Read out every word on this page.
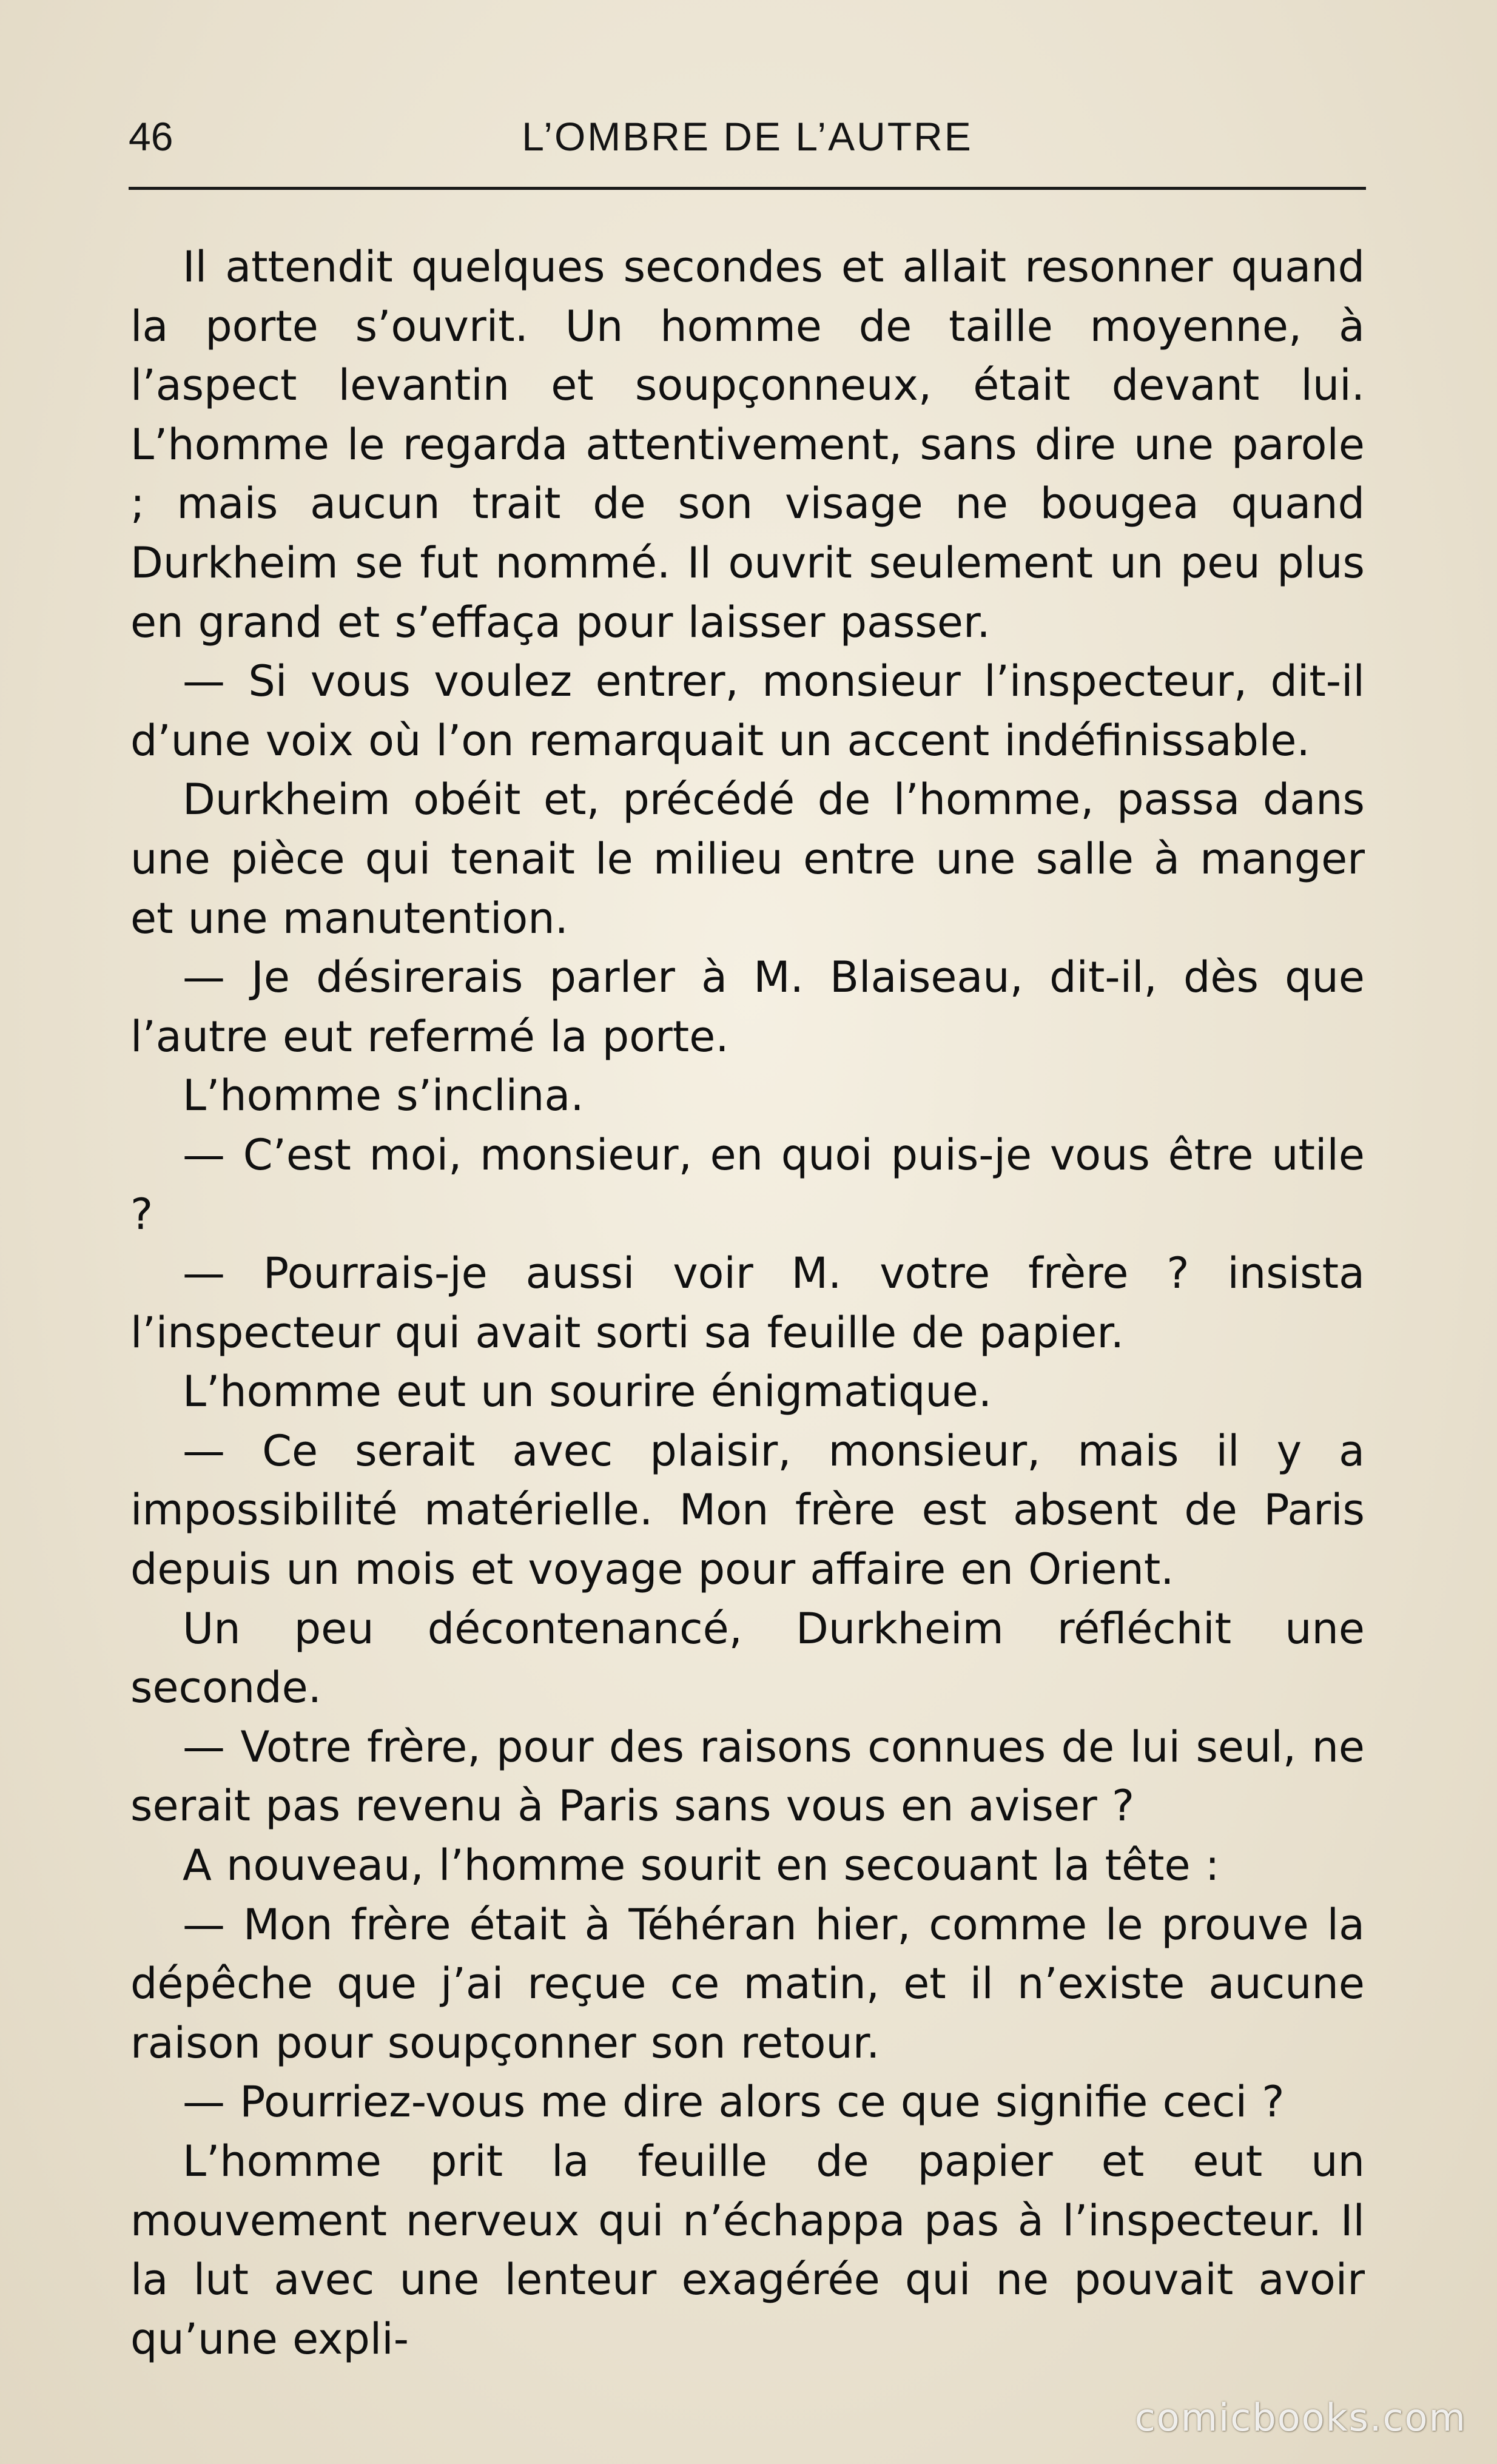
46	L’OMBRE DE L’AUTRE

Il attendit quelques secondes et allait resonner quand la porte s’ouvrit. Un homme de taille moyenne, à l’aspect levantin et soupçonneux, était devant lui. L’homme le regarda attentivement, sans dire une parole ; mais aucun trait de son visage ne bougea quand Durkheim se fut nommé. Il ouvrit seulement un peu plus en grand et s’effaça pour laisser passer.

— Si vous voulez entrer, monsieur l’inspecteur, dit-il d’une voix où l’on remarquait un accent indéfinissable.

Durkheim obéit et, précédé de l’homme, passa dans une pièce qui tenait le milieu entre une salle à manger et une manutention.

— Je désirerais parler à M. Blaiseau, dit-il, dès que l’autre eut refermé la porte.

L’homme s’inclina.

— C’est moi, monsieur, en quoi puis-je vous être utile ?

— Pourrais-je aussi voir M. votre frère ? insista l’inspecteur qui avait sorti sa feuille de papier.

L’homme eut un sourire énigmatique.

— Ce serait avec plaisir, monsieur, mais il y a impossibilité matérielle. Mon frère est absent de Paris depuis un mois et voyage pour affaire en Orient.

Un peu décontenancé, Durkheim réfléchit une seconde.

— Votre frère, pour des raisons connues de lui seul, ne serait pas revenu à Paris sans vous en aviser ?

A nouveau, l’homme sourit en secouant la tête :

— Mon frère était à Téhéran hier, comme le prouve la dépêche que j’ai reçue ce matin, et il n’existe aucune raison pour soupçonner son retour.

— Pourriez-vous me dire alors ce que signifie ceci ?

L’homme prit la feuille de papier et eut un mouvement nerveux qui n’échappa pas à l’inspecteur. Il la lut avec une lenteur exagérée qui ne pouvait avoir qu’une expli-

comicbooks.com
